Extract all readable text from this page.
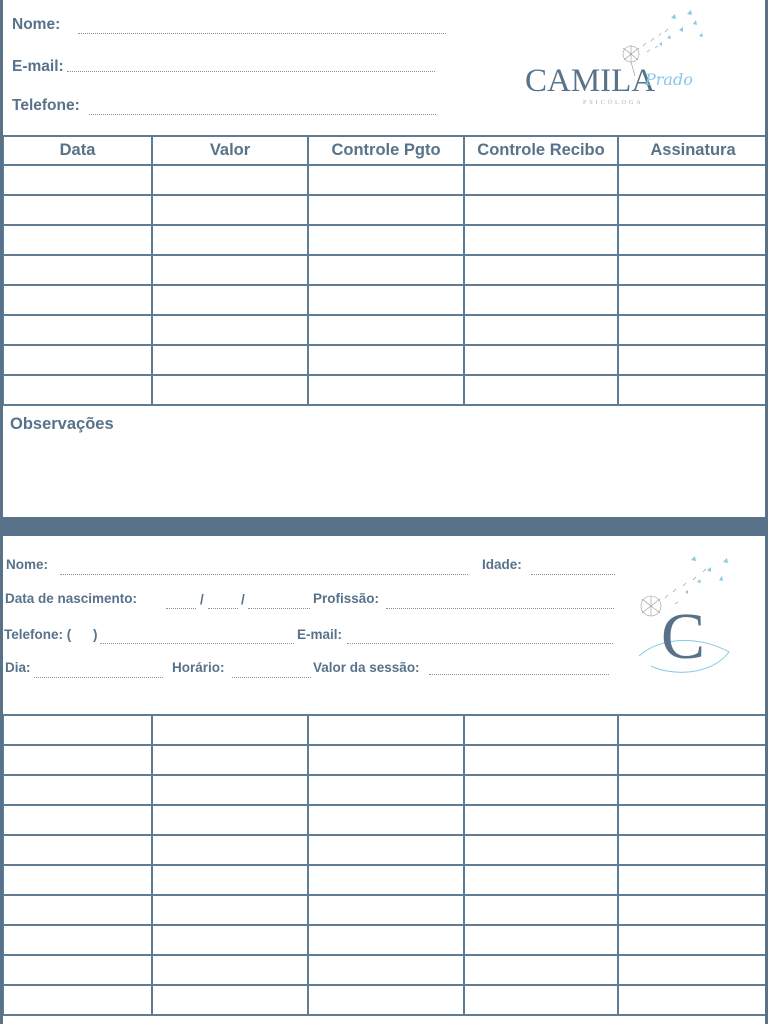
Nome:
E-mail:
Telefone:
CAMILA
Prado
PSICÓLOGA
Data	Valor	Controle Pgto	Controle Recibo	Assinatura

Observações
Nome:	Idade:
Data de nascimento:	/	/	Profissão:
Telefone: ( )	E-mail:
Dia:	Horário:	Valor da sessão:	C
